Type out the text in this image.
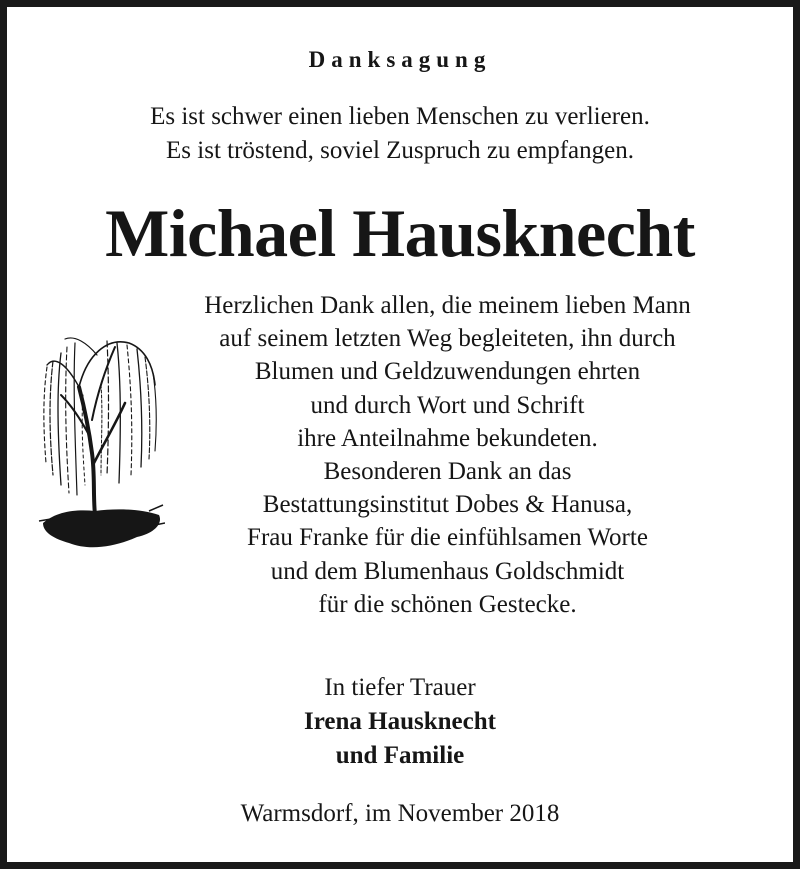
Danksagung
Es ist schwer einen lieben Menschen zu verlieren.
Es ist tröstend, soviel Zuspruch zu empfangen.
Michael Hausknecht
Herzlichen Dank allen, die meinem lieben Mann
auf seinem letzten Weg begleiteten, ihn durch
Blumen und Geldzuwendungen ehrten
und durch Wort und Schrift
ihre Anteilnahme bekundeten.
Besonderen Dank an das
Bestattungsinstitut Dobes & Hanusa,
Frau Franke für die einfühlsamen Worte
und dem Blumenhaus Goldschmidt
für die schönen Gestecke.
In tiefer Trauer
Irena Hausknecht
und Familie
Warmsdorf, im November 2018
